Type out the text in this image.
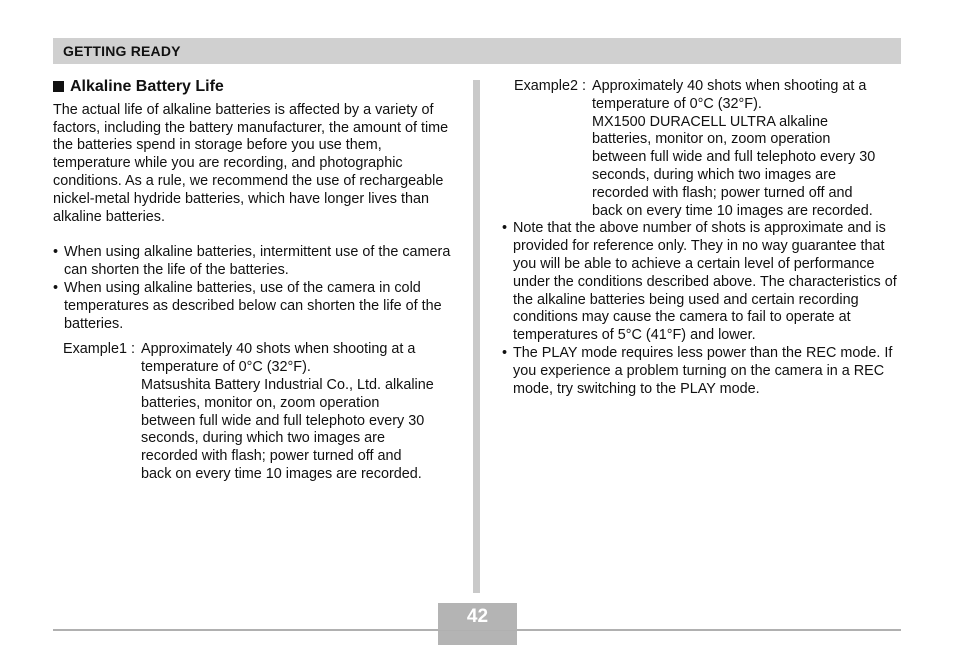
GETTING READY
Alkaline Battery Life

The actual life of alkaline batteries is affected by a variety of factors, including the battery manufacturer, the amount of time the batteries spend in storage before you use them, temperature while you are recording, and photographic conditions. As a rule, we recommend the use of rechargeable nickel-metal hydride batteries, which have longer lives than alkaline batteries.

• When using alkaline batteries, intermittent use of the camera can shorten the life of the batteries.
• When using alkaline batteries, use of the camera in cold temperatures as described below can shorten the life of the batteries.
Example1 : Approximately 40 shots when shooting at a
temperature of 0°C (32°F).
Matsushita Battery Industrial Co., Ltd. alkaline
batteries, monitor on, zoom operation
between full wide and full telephoto every 30
seconds, during which two images are
recorded with flash; power turned off and
back on every time 10 images are recorded.
Example2 : Approximately 40 shots when shooting at a
temperature of 0°C (32°F).
MX1500 DURACELL ULTRA alkaline
batteries, monitor on, zoom operation
between full wide and full telephoto every 30
seconds, during which two images are
recorded with flash; power turned off and
back on every time 10 images are recorded.
• Note that the above number of shots is approximate and is provided for reference only. They in no way guarantee that you will be able to achieve a certain level of performance under the conditions described above. The characteristics of the alkaline batteries being used and certain recording conditions may cause the camera to fail to operate at temperatures of 5°C (41°F) and lower.
• The PLAY mode requires less power than the REC mode. If you experience a problem turning on the camera in a REC mode, try switching to the PLAY mode.
42
